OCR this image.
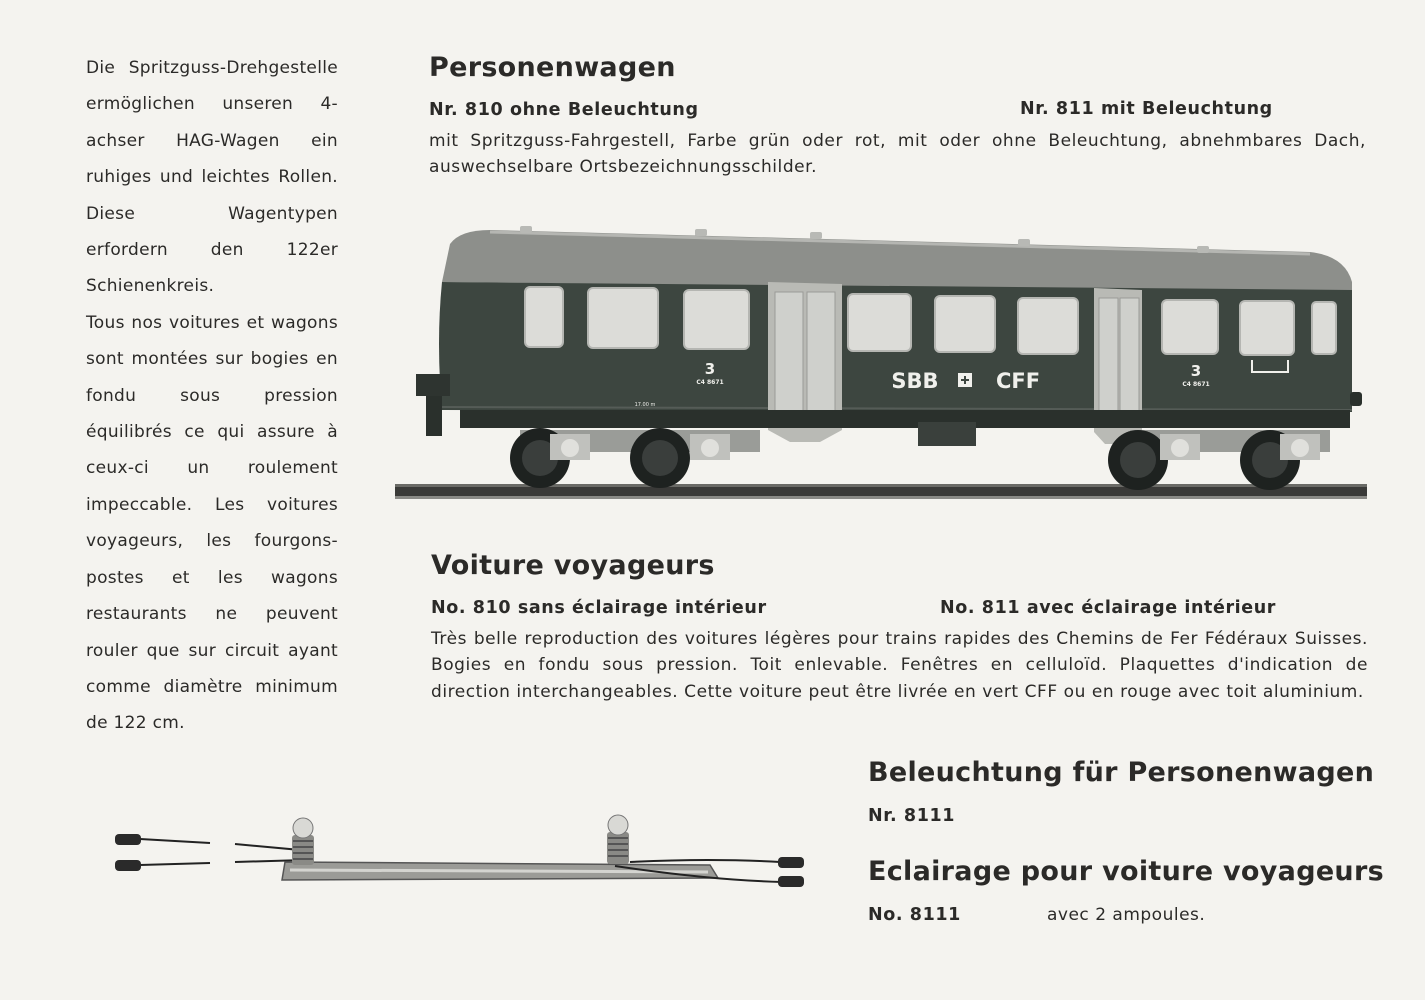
Die Spritzguss-Drehgestelle ermöglichen unseren 4-achser HAG-Wagen ein ruhiges und leichtes Rollen. Diese Wagentypen erfordern den 122er Schienenkreis.

Tous nos voitures et wagons sont montées sur bogies en fondu sous pression équilibrés ce qui assure à ceux-ci un roulement impeccable. Les voitures voyageurs, les fourgons-postes et les wagons restaurants ne peuvent rouler que sur circuit ayant comme diamètre minimum de 122 cm.

Personenwagen
Nr. 810 ohne Beleuchtung	Nr. 811 mit Beleuchtung

mit Spritzguss-Fahrgestell, Farbe grün oder rot, mit oder ohne Beleuchtung, abnehmbares Dach, auswechselbare Ortsbezeichnungsschilder.

3
C4 8671
3
C4 8671
SBB	CFF
17.00 m
Voiture voyageurs
No. 810 sans éclairage intérieur	No. 811 avec éclairage intérieur

Très belle reproduction des voitures légères pour trains rapides des Chemins de Fer Fédéraux Suisses. Bogies en fondu sous pression. Toit enlevable. Fenêtres en celluloïd. Plaquettes d'indication de direction interchangeables. Cette voiture peut être livrée en vert CFF ou en rouge avec toit aluminium.

Beleuchtung für Personenwagen
Nr. 8111
Eclairage pour voiture voyageurs
No. 8111	avec 2 ampoules.
